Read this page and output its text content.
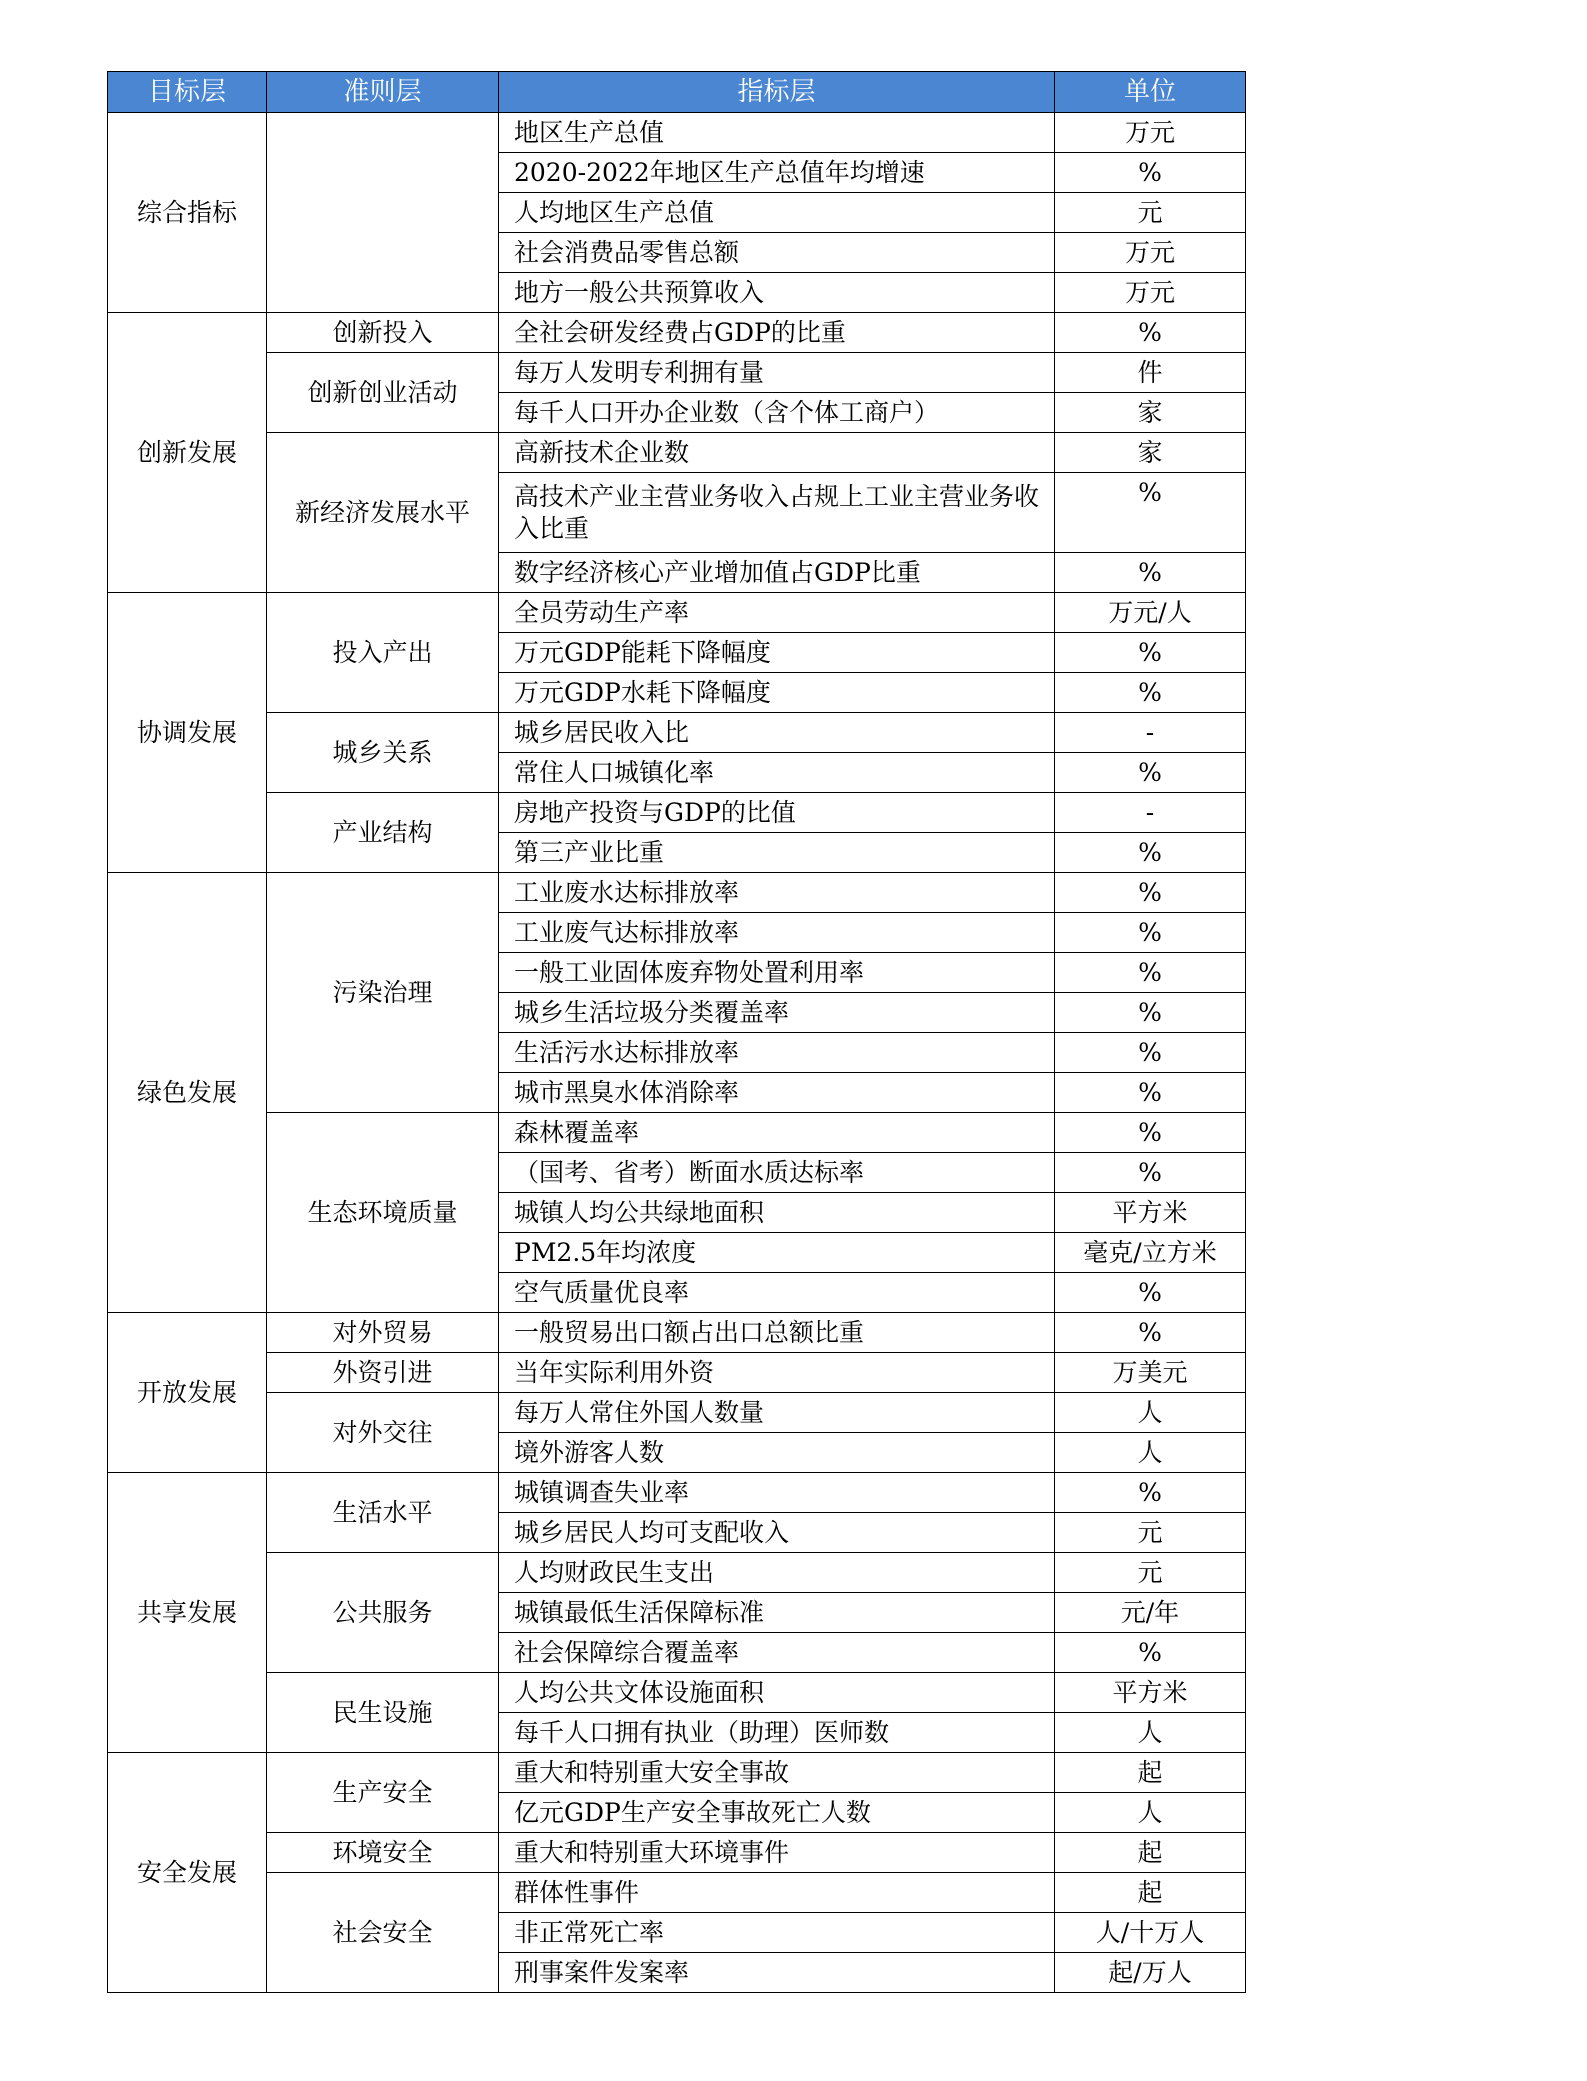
目标层	准则层	指标层	单位
综合指标		地区生产总值	万元
		2020-2022年地区生产总值年均增速	%
		人均地区生产总值	元
		社会消费品零售总额	万元
		地方一般公共预算收入	万元
创新发展	创新投入	全社会研发经费占GDP的比重	%
	创新创业活动	每万人发明专利拥有量	件
		每千人口开办企业数（含个体工商户）	家
	新经济发展水平	高新技术企业数	家
		高技术产业主营业务收入占规上工业主营业务收入比重	%
		数字经济核心产业增加值占GDP比重	%
协调发展	投入产出	全员劳动生产率	万元/人
		万元GDP能耗下降幅度	%
		万元GDP水耗下降幅度	%
	城乡关系	城乡居民收入比	-
		常住人口城镇化率	%
	产业结构	房地产投资与GDP的比值	-
		第三产业比重	%
绿色发展	污染治理	工业废水达标排放率	%
		工业废气达标排放率	%
		一般工业固体废弃物处置利用率	%
		城乡生活垃圾分类覆盖率	%
		生活污水达标排放率	%
		城市黑臭水体消除率	%
	生态环境质量	森林覆盖率	%
		（国考、省考）断面水质达标率	%
		城镇人均公共绿地面积	平方米
		PM2.5年均浓度	毫克/立方米
		空气质量优良率	%
开放发展	对外贸易	一般贸易出口额占出口总额比重	%
	外资引进	当年实际利用外资	万美元
	对外交往	每万人常住外国人数量	人
		境外游客人数	人
共享发展	生活水平	城镇调查失业率	%
		城乡居民人均可支配收入	元
	公共服务	人均财政民生支出	元
		城镇最低生活保障标准	元/年
		社会保障综合覆盖率	%
	民生设施	人均公共文体设施面积	平方米
		每千人口拥有执业（助理）医师数	人
安全发展	生产安全	重大和特别重大安全事故	起
		亿元GDP生产安全事故死亡人数	人
	环境安全	重大和特别重大环境事件	起
	社会安全	群体性事件	起
		非正常死亡率	人/十万人
		刑事案件发案率	起/万人
